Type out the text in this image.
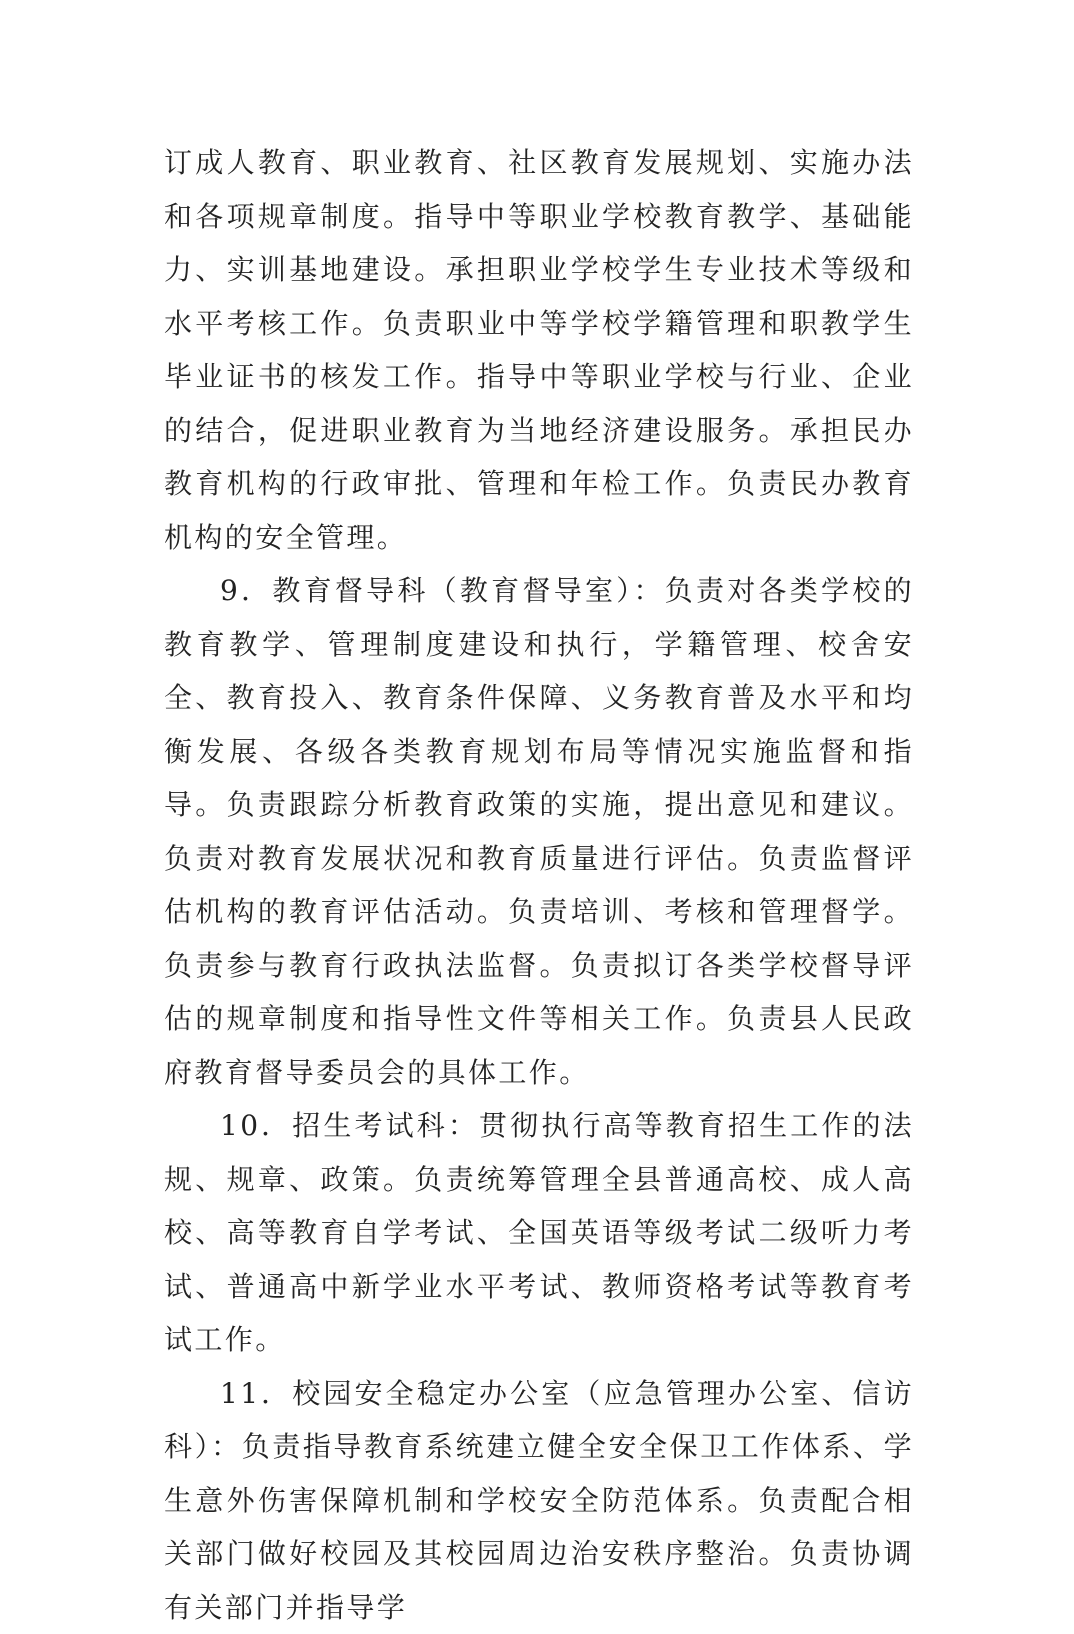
订成人教育、职业教育、社区教育发展规划、实施办法和各项规章制度。指导中等职业学校教育教学、基础能力、实训基地建设。承担职业学校学生专业技术等级和水平考核工作。负责职业中等学校学籍管理和职教学生毕业证书的核发工作。指导中等职业学校与行业、企业的结合，促进职业教育为当地经济建设服务。承担民办教育机构的行政审批、管理和年检工作。负责民办教育机构的安全管理。

9．教育督导科（教育督导室）：负责对各类学校的教育教学、管理制度建设和执行，学籍管理、校舍安全、教育投入、教育条件保障、义务教育普及水平和均衡发展、各级各类教育规划布局等情况实施监督和指导。负责跟踪分析教育政策的实施，提出意见和建议。负责对教育发展状况和教育质量进行评估。负责监督评估机构的教育评估活动。负责培训、考核和管理督学。负责参与教育行政执法监督。负责拟订各类学校督导评估的规章制度和指导性文件等相关工作。负责县人民政府教育督导委员会的具体工作。

10．招生考试科：贯彻执行高等教育招生工作的法规、规章、政策。负责统筹管理全县普通高校、成人高校、高等教育自学考试、全国英语等级考试二级听力考试、普通高中新学业水平考试、教师资格考试等教育考试工作。

11．校园安全稳定办公室（应急管理办公室、信访科）：负责指导教育系统建立健全安全保卫工作体系、学生意外伤害保障机制和学校安全防范体系。负责配合相关部门做好校园及其校园周边治安秩序整治。负责协调有关部门并指导学
